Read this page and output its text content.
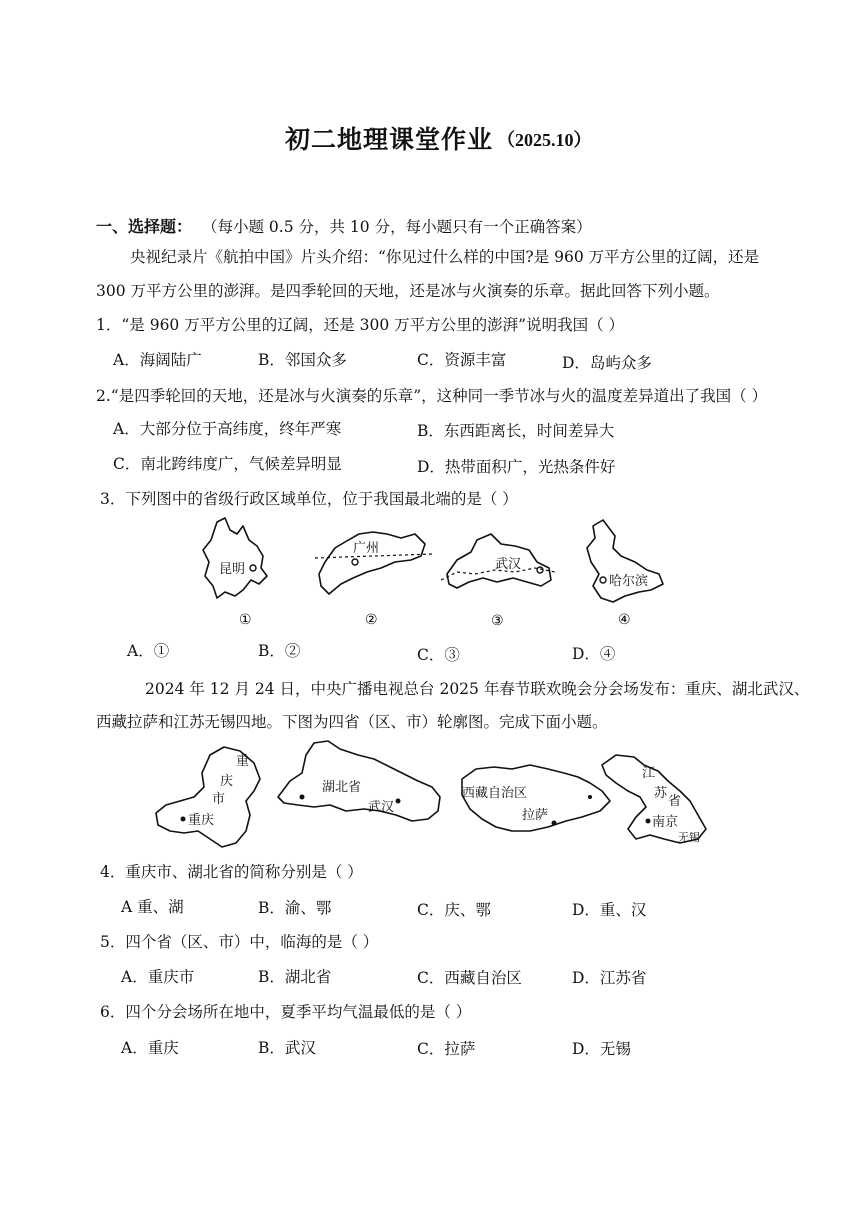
初二地理课堂作业 （2025.10）
一、选择题： （每小题 0.5 分，共 10 分，每小题只有一个正确答案）
央视纪录片《航拍中国》片头介绍：“你见过什么样的中国?是 960 万平方公里的辽阔，还是
300 万平方公里的澎湃。是四季轮回的天地，还是冰与火演奏的乐章。据此回答下列小题。
1．“是 960 万平方公里的辽阔，还是 300 万平方公里的澎湃”说明我国（ ）
A．海阔陆广	B．邻国众多	C．资源丰富	D．岛屿众多
2.“是四季轮回的天地，还是冰与火演奏的乐章”，这种同一季节冰与火的温度差异道出了我国（ ）
A．大部分位于高纬度，终年严寒	B．东西距离长，时间差异大
C．南北跨纬度广，气候差异明显	D．热带面积广，光热条件好
3．下列图中的省级行政区域单位，位于我国最北端的是（ ）
昆明
广州
武汉
哈尔滨
①	②	③	④
A．①	B．②	C．③	D．④
2024 年 12 月 24 日，中央广播电视总台 2025 年春节联欢晚会分会场发布：重庆、湖北武汉、
西藏拉萨和江苏无锡四地。下图为四省（区、市）轮廓图。完成下面小题。
重
庆
市
重庆
湖北省
武汉
西藏自治区
拉萨
江
苏
省
南京
无锡
4．重庆市、湖北省的简称分别是（ ）
A 重、湖	B．渝、鄂	C．庆、鄂	D．重、汉
5．四个省（区、市）中，临海的是（ ）
A．重庆市	B．湖北省	C．西藏自治区	D．江苏省
6．四个分会场所在地中，夏季平均气温最低的是（ ）
A．重庆	B．武汉	C．拉萨	D．无锡
